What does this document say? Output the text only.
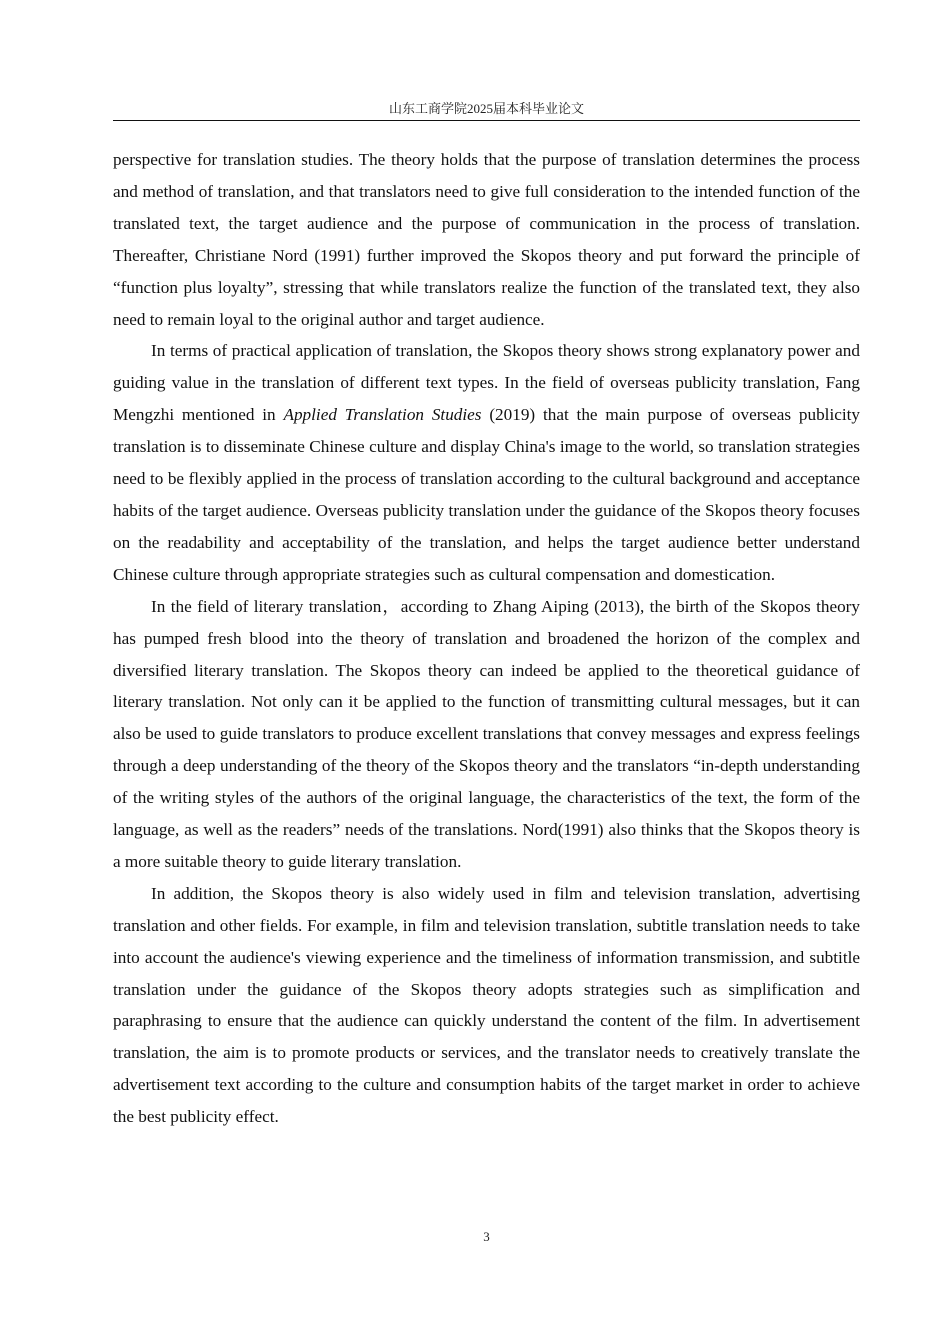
山东工商学院2025届本科毕业论文

perspective for translation studies. The theory holds that the purpose of translation determines the process and method of translation, and that translators need to give full consideration to the intended function of the translated text, the target audience and the purpose of communication in the process of translation. Thereafter, Christiane Nord (1991) further improved the Skopos theory and put forward the principle of “function plus loyalty”, stressing that while translators realize the function of the translated text, they also need to remain loyal to the original author and target audience.

In terms of practical application of translation, the Skopos theory shows strong explanatory power and guiding value in the translation of different text types. In the field of overseas publicity translation, Fang Mengzhi mentioned in Applied Translation Studies (2019) that the main purpose of overseas publicity translation is to disseminate Chinese culture and display China's image to the world, so translation strategies need to be flexibly applied in the process of translation according to the cultural background and acceptance habits of the target audience. Overseas publicity translation under the guidance of the Skopos theory focuses on the readability and acceptability of the translation, and helps the target audience better understand Chinese culture through appropriate strategies such as cultural compensation and domestication.

In the field of literary translation，according to Zhang Aiping (2013), the birth of the Skopos theory has pumped fresh blood into the theory of translation and broadened the horizon of the complex and diversified literary translation. The Skopos theory can indeed be applied to the theoretical guidance of literary translation. Not only can it be applied to the function of transmitting cultural messages, but it can also be used to guide translators to produce excellent translations that convey messages and express feelings through a deep understanding of the theory of the Skopos theory and the translators “in-depth understanding of the writing styles of the authors of the original language, the characteristics of the text, the form of the language, as well as the readers” needs of the translations. Nord(1991) also thinks that the Skopos theory is a more suitable theory to guide literary translation.

In addition, the Skopos theory is also widely used in film and television translation, advertising translation and other fields. For example, in film and television translation, subtitle translation needs to take into account the audience's viewing experience and the timeliness of information transmission, and subtitle translation under the guidance of the Skopos theory adopts strategies such as simplification and paraphrasing to ensure that the audience can quickly understand the content of the film. In advertisement translation, the aim is to promote products or services, and the translator needs to creatively translate the advertisement text according to the culture and consumption habits of the target market in order to achieve the best publicity effect.

3
